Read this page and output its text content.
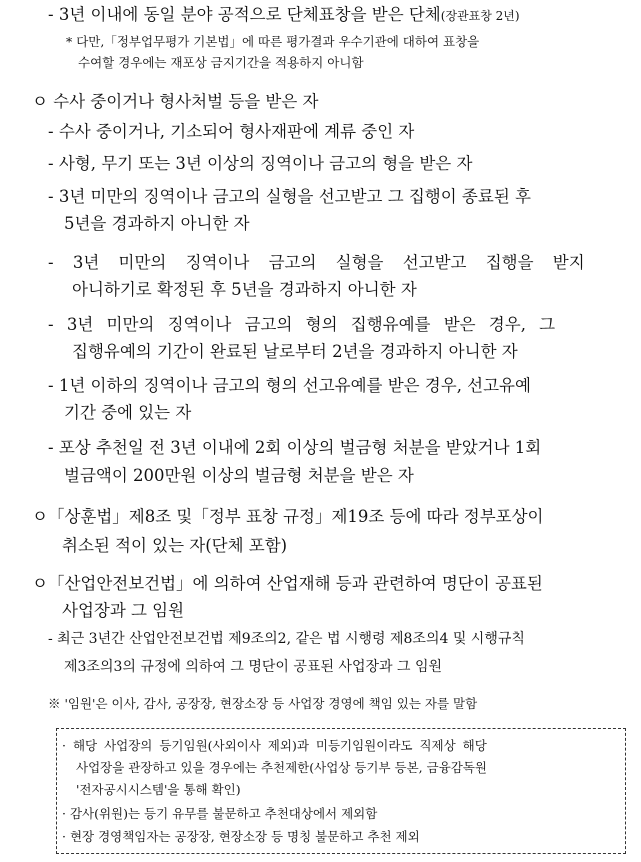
- 3년 이내에 동일 분야 공적으로 단체표창을 받은 단체(장관표창 2년)
* 다만,「정부업무평가 기본법」에 따른 평가결과 우수기관에 대하여 표창을
수여할 경우에는 재포상 금지기간을 적용하지 아니함
ㅇ 수사 중이거나 형사처벌 등을 받은 자
- 수사 중이거나, 기소되어 형사재판에 계류 중인 자
- 사형, 무기 또는 3년 이상의 징역이나 금고의 형을 받은 자
- 3년 미만의 징역이나 금고의 실형을 선고받고 그 집행이 종료된 후
5년을 경과하지 아니한 자
- 3년 미만의 징역이나 금고의 실형을 선고받고 집행을 받지
아니하기로 확정된 후 5년을 경과하지 아니한 자
- 3년 미만의 징역이나 금고의 형의 집행유예를 받은 경우, 그
집행유예의 기간이 완료된 날로부터 2년을 경과하지 아니한 자
- 1년 이하의 징역이나 금고의 형의 선고유예를 받은 경우, 선고유예
기간 중에 있는 자
- 포상 추천일 전 3년 이내에 2회 이상의 벌금형 처분을 받았거나 1회
벌금액이 200만원 이상의 벌금형 처분을 받은 자
ㅇ「상훈법」제8조 및「정부 표창 규정」제19조 등에 따라 정부포상이
취소된 적이 있는 자(단체 포함)
ㅇ「산업안전보건법」에 의하여 산업재해 등과 관련하여 명단이 공표된
사업장과 그 임원
- 최근 3년간 산업안전보건법 제9조의2, 같은 법 시행령 제8조의4 및 시행규칙
제3조의3의 규정에 의하여 그 명단이 공표된 사업장과 그 임원
※ '임원'은 이사, 감사, 공장장, 현장소장 등 사업장 경영에 책임 있는 자를 말함
· 해당 사업장의 등기임원(사외이사 제외)과 미등기임원이라도 직제상 해당
사업장을 관장하고 있을 경우에는 추천제한(사업상 등기부 등본, 금융감독원
'전자공시시스템'을 통해 확인)
· 감사(위원)는 등기 유무를 불문하고 추천대상에서 제외함
· 현장 경영책임자는 공장장, 현장소장 등 명칭 불문하고 추천 제외
